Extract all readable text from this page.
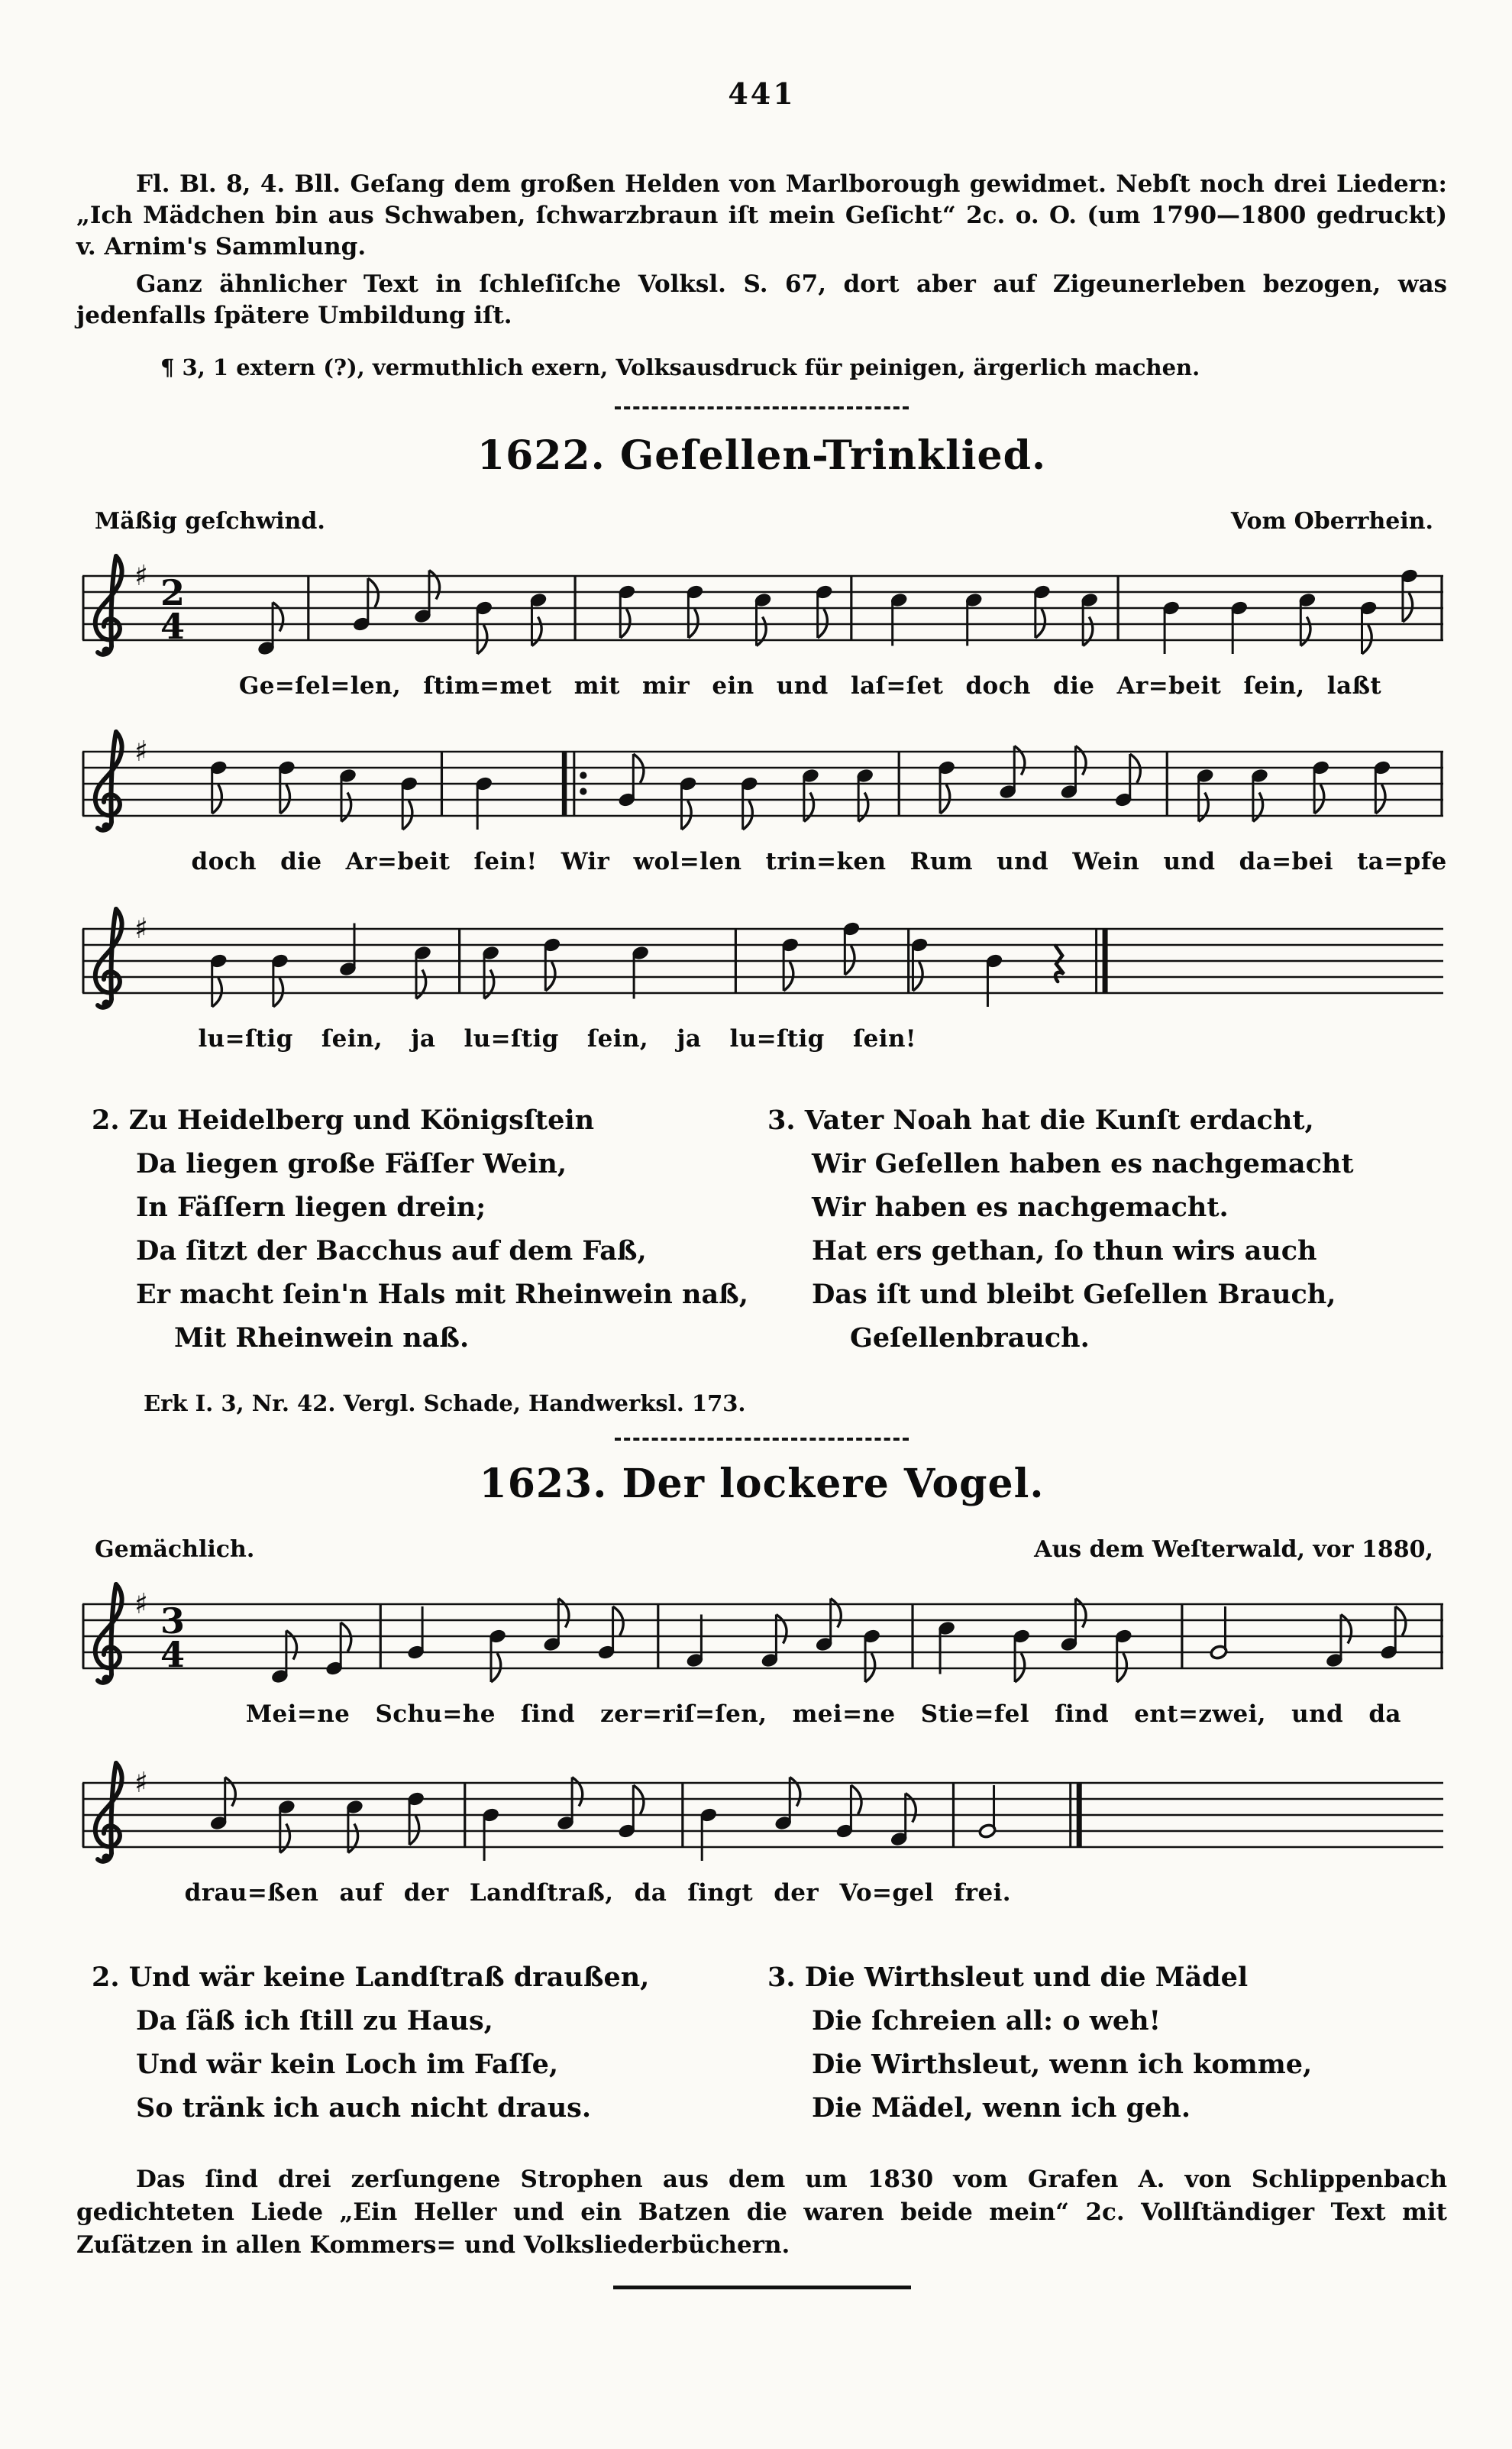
441

Fl. Bl. 8, 4. Bll. Geſang dem großen Helden von Marlborough gewidmet. Nebſt noch drei Liedern: „Ich Mädchen bin aus Schwaben, ſchwarzbraun iſt mein Geſicht“ 2c. o. O. (um 1790—1800 gedruckt) v. Arnim's Sammlung.

Ganz ähnlicher Text in ſchleſiſche Volksl. S. 67, dort aber auf Zigeunerleben bezogen, was jedenfalls ſpätere Umbildung iſt.

¶ 3, 1 extern (?), vermuthlich exern, Volksausdruck für peinigen, ärgerlich machen.
1622. Geſellen-Trinklied.
Mäßig geſchwind.	Vom Oberrhein.
♯ 2
4
Ge=ſel=len, ſtim=met mit mir ein und laſ=ſet doch die Ar=beit ſein, laßt
♯
doch die Ar=beit ſein! Wir wol=len trin=ken Rum und Wein und da=bei ta=pfer
♯
lu=ſtig ſein, ja lu=ſtig ſein, ja lu=ſtig ſein!
2. Zu Heidelberg und Königsſtein
Da liegen große Fäſſer Wein,
In Fäſſern liegen drein;
Da ſitzt der Bacchus auf dem Faß,
Er macht ſein'n Hals mit Rheinwein naß,
Mit Rheinwein naß.
3. Vater Noah hat die Kunſt erdacht,
Wir Geſellen haben es nachgemacht
Wir haben es nachgemacht.
Hat ers gethan, ſo thun wirs auch
Das iſt und bleibt Geſellen Brauch,
Geſellenbrauch.
Erk I. 3, Nr. 42. Vergl. Schade, Handwerksl. 173.
1623. Der lockere Vogel.
Gemächlich.	Aus dem Weſterwald, vor 1880,
♯ 3
4
Mei=ne Schu=he ſind zer=riſ=ſen, mei=ne Stie=fel ſind ent=zwei, und da
♯
drau=ßen auf der Landſtraß, da ſingt der Vo=gel frei.
2. Und wär keine Landſtraß draußen,
Da ſäß ich ſtill zu Haus,
Und wär kein Loch im Faſſe,
So tränk ich auch nicht draus.
3. Die Wirthsleut und die Mädel
Die ſchreien all: o weh!
Die Wirthsleut, wenn ich komme,
Die Mädel, wenn ich geh.

Das ſind drei zerſungene Strophen aus dem um 1830 vom Grafen A. von Schlippenbach gedichteten Liede „Ein Heller und ein Batzen die waren beide mein“ 2c. Vollſtändiger Text mit Zuſätzen in allen Kommers= und Volksliederbüchern.
